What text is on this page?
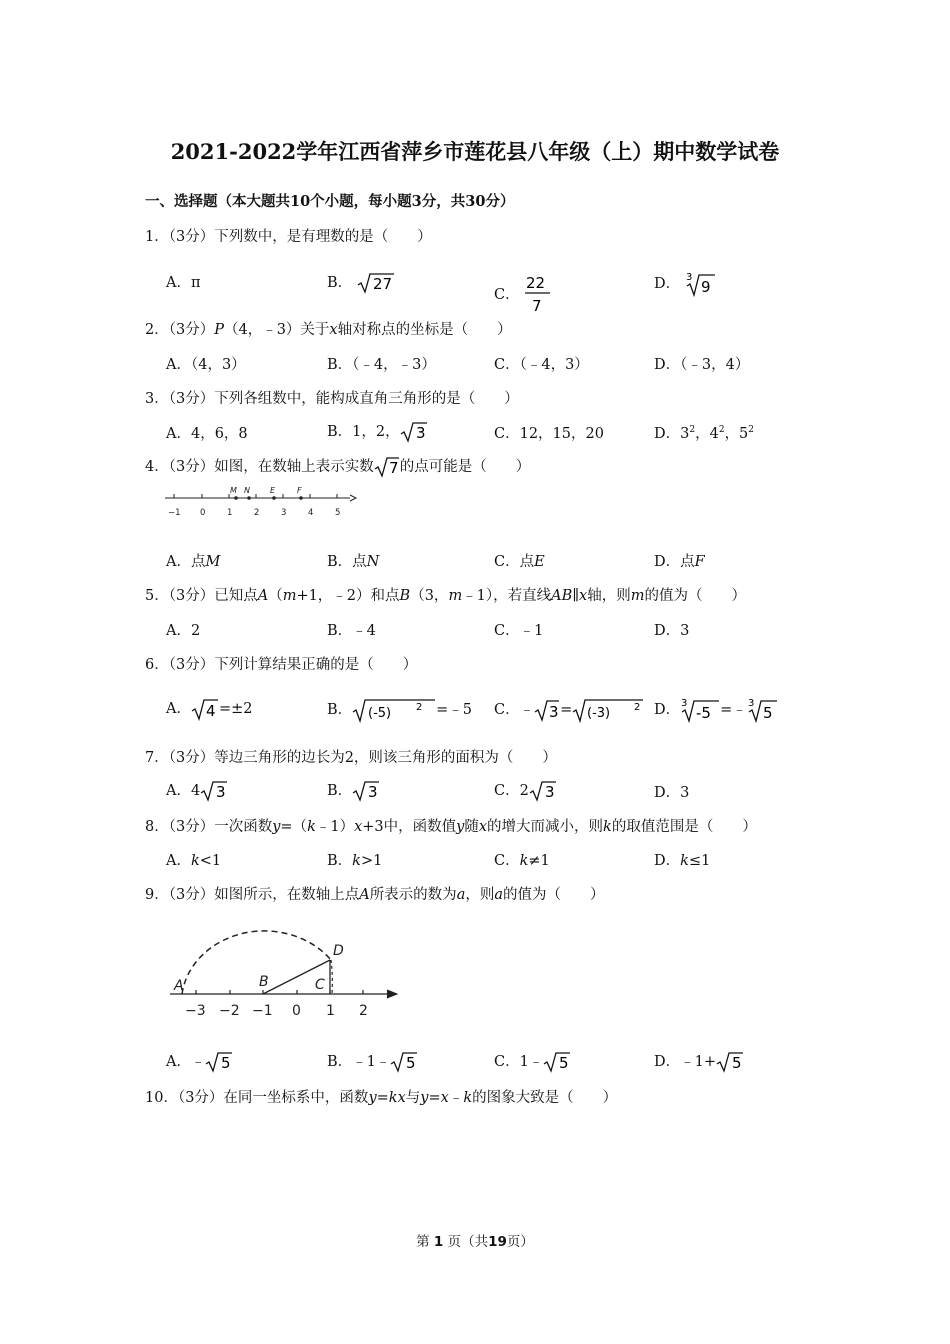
2021-2022学年江西省萍乡市莲花县八年级（上）期中数学试卷
一、选择题（本大题共10个小题，每小题3分，共30分）
1．（3分）下列数中，是有理数的是（　　）
A．π	B． 27
C．
22
7
D． 3
9
2．（3分）P（4，﹣3）关于x轴对称点的坐标是（　　）
A．（4，3）	B．（﹣4，﹣3）	C．（﹣4，3）	D．（﹣3，4）
3．（3分）下列各组数中，能构成直角三角形的是（　　）
A．4，6，8	B．1，2， 3	C．12，15，20	D．$3^2$，$4^2$，$5^2$
4．（3分）如图，在数轴上表示实数 7 的点可能是（　　）
M N	E	F
−1 0	1	2	3	4	5
A．点M	B．点N	C．点E	D．点F
5．（3分）已知点A（m+1，﹣2）和点B（3，m﹣1），若直线AB∥x轴，则m的值为（　　）
A．2	B．﹣4	C．﹣1	D．3
6．（3分）下列计算结果正确的是（　　）
A． 4 =±2	B． (-5) 2 =﹣5 C．﹣ 3 = (-3) 2 D． 3
-5 =﹣ 3
5
7．（3分）等边三角形的边长为2，则该三角形的面积为（　　）
A．4 3	B． 3	C．2 3	D．3
8．（3分）一次函数y=（k﹣1）x+3中，函数值y随x的增大而减小，则k的取值范围是（　　）
A．k<1	B．k>1	C．k≠1	D．k≤1
9．（3分）如图所示，在数轴上点A所表示的数为a，则a的值为（　　）
A	B	C
D
−3 −2 −1 0 1 2
A．﹣ 5	B．﹣1﹣ 5	C．1﹣ 5	D．﹣1+ 5
10．（3分）在同一坐标系中，函数y=kx与y=x﹣k的图象大致是（　　）
第 1 页（共19页）
